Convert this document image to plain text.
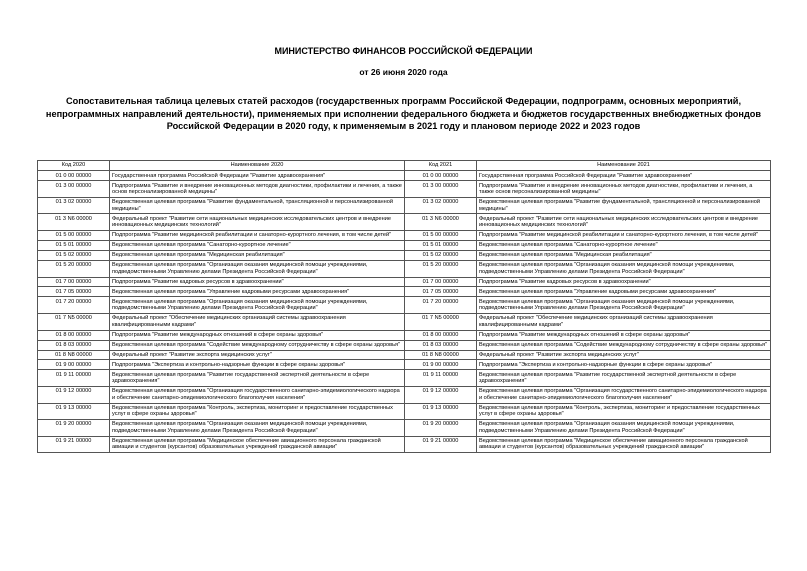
МИНИСТЕРСТВО ФИНАНСОВ РОССИЙСКОЙ ФЕДЕРАЦИИ
от 26 июня 2020 года
Сопоставительная таблица целевых статей расходов (государственных программ Российской Федерации, подпрограмм, основных мероприятий, непрограммных направлений деятельности), применяемых при исполнении федерального бюджета и бюджетов государственных внебюджетных фондов Российской Федерации в 2020 году, к применяемым в 2021 году и плановом периоде 2022 и 2023 годов
Код 2020	Наименование 2020	Код 2021	Наименование 2021
01 0 00 00000	Государственная программа Российской Федерации "Развитие здравоохранения"	01 0 00 00000	Государственная программа Российской Федерации "Развитие здравоохранения"
01 3 00 00000	Подпрограмма "Развитие и внедрение инновационных методов диагностики, профилактики и лечения, а также основ персонализированной медицины"	01 3 00 00000	Подпрограмма "Развитие и внедрение инновационных методов диагностики, профилактики и лечения, а также основ персонализированной медицины"
01 3 02 00000	Ведомственная целевая программа "Развитие фундаментальной, трансляционной и персонализированной медицины"	01 3 02 00000	Ведомственная целевая программа "Развитие фундаментальной, трансляционной и персонализированной медицины"
01 3 N6 00000	Федеральный проект "Развитие сети национальных медицинских исследовательских центров и внедрение инновационных медицинских технологий"	01 3 N6 00000	Федеральный проект "Развитие сети национальных медицинских исследовательских центров и внедрение инновационных медицинских технологий"
01 5 00 00000	Подпрограмма "Развитие медицинской реабилитации и санаторно-курортного лечения, в том числе детей"	01 5 00 00000	Подпрограмма "Развитие медицинской реабилитации и санаторно-курортного лечения, в том числе детей"
01 5 01 00000	Ведомственная целевая программа "Санаторно-курортное лечение"	01 5 01 00000	Ведомственная целевая программа "Санаторно-курортное лечение"
01 5 02 00000	Ведомственная целевая программа "Медицинская реабилитация"	01 5 02 00000	Ведомственная целевая программа "Медицинская реабилитация"
01 5 20 00000	Ведомственная целевая программа "Организация оказания медицинской помощи учреждениями, подведомственными Управлению делами Президента Российской Федерации"	01 5 20 00000	Ведомственная целевая программа "Организация оказания медицинской помощи учреждениями, подведомственными Управлению делами Президента Российской Федерации"
01 7 00 00000	Подпрограмма "Развитие кадровых ресурсов в здравоохранении"	01 7 00 00000	Подпрограмма "Развитие кадровых ресурсов в здравоохранении"
01 7 05 00000	Ведомственная целевая программа "Управление кадровыми ресурсами здравоохранения"	01 7 05 00000	Ведомственная целевая программа "Управление кадровыми ресурсами здравоохранения"
01 7 20 00000	Ведомственная целевая программа "Организация оказания медицинской помощи учреждениями, подведомственными Управлению делами Президента Российской Федерации"	01 7 20 00000	Ведомственная целевая программа "Организация оказания медицинской помощи учреждениями, подведомственными Управлению делами Президента Российской Федерации"
01 7 N5 00000	Федеральный проект "Обеспечение медицинских организаций системы здравоохранения квалифицированными кадрами"	01 7 N5 00000	Федеральный проект "Обеспечение медицинских организаций системы здравоохранения квалифицированными кадрами"
01 8 00 00000	Подпрограмма "Развитие международных отношений в сфере охраны здоровья"	01 8 00 00000	Подпрограмма "Развитие международных отношений в сфере охраны здоровья"
01 8 03 00000	Ведомственная целевая программа "Содействие международному сотрудничеству в сфере охраны здоровья"	01 8 03 00000	Ведомственная целевая программа "Содействие международному сотрудничеству в сфере охраны здоровья"
01 8 N8 00000	Федеральный проект "Развитие экспорта медицинских услуг"	01 8 N8 00000	Федеральный проект "Развитие экспорта медицинских услуг"
01 9 00 00000	Подпрограмма "Экспертиза и контрольно-надзорные функции в сфере охраны здоровья"	01 9 00 00000	Подпрограмма "Экспертиза и контрольно-надзорные функции в сфере охраны здоровья"
01 9 11 00000	Ведомственная целевая программа "Развитие государственной экспертной деятельности в сфере здравоохранения"	01 9 11 00000	Ведомственная целевая программа "Развитие государственной экспертной деятельности в сфере здравоохранения"
01 9 12 00000	Ведомственная целевая программа "Организация государственного санитарно-эпидемиологического надзора и обеспечение санитарно-эпидемиологического благополучия населения"	01 9 12 00000	Ведомственная целевая программа "Организация государственного санитарно-эпидемиологического надзора и обеспечение санитарно-эпидемиологического благополучия населения"
01 9 13 00000	Ведомственная целевая программа "Контроль, экспертиза, мониторинг и предоставление государственных услуг в сфере охраны здоровья"	01 9 13 00000	Ведомственная целевая программа "Контроль, экспертиза, мониторинг и предоставление государственных услуг в сфере охраны здоровья"
01 9 20 00000	Ведомственная целевая программа "Организация оказания медицинской помощи учреждениями, подведомственными Управлению делами Президента Российской Федерации"	01 9 20 00000	Ведомственная целевая программа "Организация оказания медицинской помощи учреждениями, подведомственными Управлению делами Президента Российской Федерации"
01 9 21 00000	Ведомственная целевая программа "Медицинское обеспечение авиационного персонала гражданской авиации и студентов (курсантов) образовательных учреждений гражданской авиации"	01 9 21 00000	Ведомственная целевая программа "Медицинское обеспечение авиационного персонала гражданской авиации и студентов (курсантов) образовательных учреждений гражданской авиации"
